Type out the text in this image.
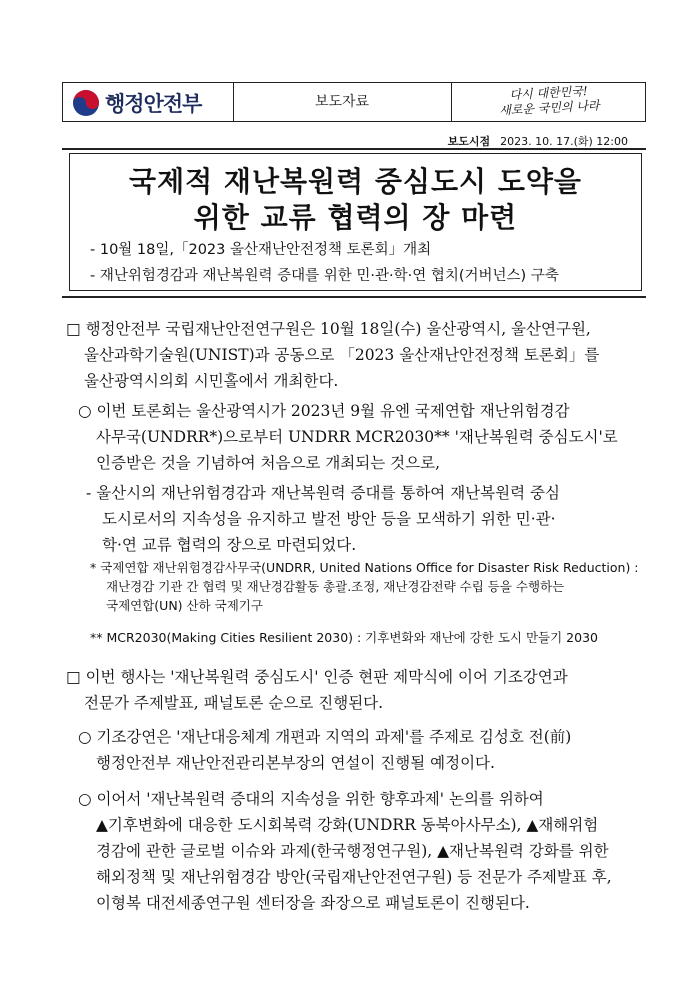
행정안전부	보도자료	다시 대한민국!
새로운 국민의 나라
보도시점 2023. 10. 17.(화) 12:00
국제적 재난복원력 중심도시 도약을
위한 교류 협력의 장 마련
- 10월 18일,「2023 울산재난안전정책 토론회」개최
- 재난위험경감과 재난복원력 증대를 위한 민·관·학·연 협치(거버넌스) 구축
□ 행정안전부 국립재난안전연구원은 10월 18일(수) 울산광역시, 울산연구원,
울산과학기술원(UNIST)과 공동으로 「2023 울산재난안전정책 토론회」를
울산광역시의회 시민홀에서 개최한다.
○ 이번 토론회는 울산광역시가 2023년 9월 유엔 국제연합 재난위험경감
사무국(UNDRR*)으로부터 UNDRR MCR2030** '재난복원력 중심도시'로
인증받은 것을 기념하여 처음으로 개최되는 것으로,
- 울산시의 재난위험경감과 재난복원력 증대를 통하여 재난복원력 중심
도시로서의 지속성을 유지하고 발전 방안 등을 모색하기 위한 민·관·
학·연 교류 협력의 장으로 마련되었다.
* 국제연합 재난위험경감사무국(UNDRR, United Nations Office for Disaster Risk Reduction) :
재난경감 기관 간 협력 및 재난경감활동 총괄.조정, 재난경감전략 수립 등을 수행하는
국제연합(UN) 산하 국제기구
** MCR2030(Making Cities Resilient 2030) : 기후변화와 재난에 강한 도시 만들기 2030
□ 이번 행사는 '재난복원력 중심도시' 인증 현판 제막식에 이어 기조강연과
전문가 주제발표, 패널토론 순으로 진행된다.
○ 기조강연은 '재난대응체계 개편과 지역의 과제'를 주제로 김성호 전(前)
행정안전부 재난안전관리본부장의 연설이 진행될 예정이다.
○ 이어서 '재난복원력 증대의 지속성을 위한 향후과제' 논의를 위하여
▲기후변화에 대응한 도시회복력 강화(UNDRR 동북아사무소), ▲재해위험
경감에 관한 글로벌 이슈와 과제(한국행정연구원), ▲재난복원력 강화를 위한
해외정책 및 재난위험경감 방안(국립재난안전연구원) 등 전문가 주제발표 후,
이형복 대전세종연구원 센터장을 좌장으로 패널토론이 진행된다.
